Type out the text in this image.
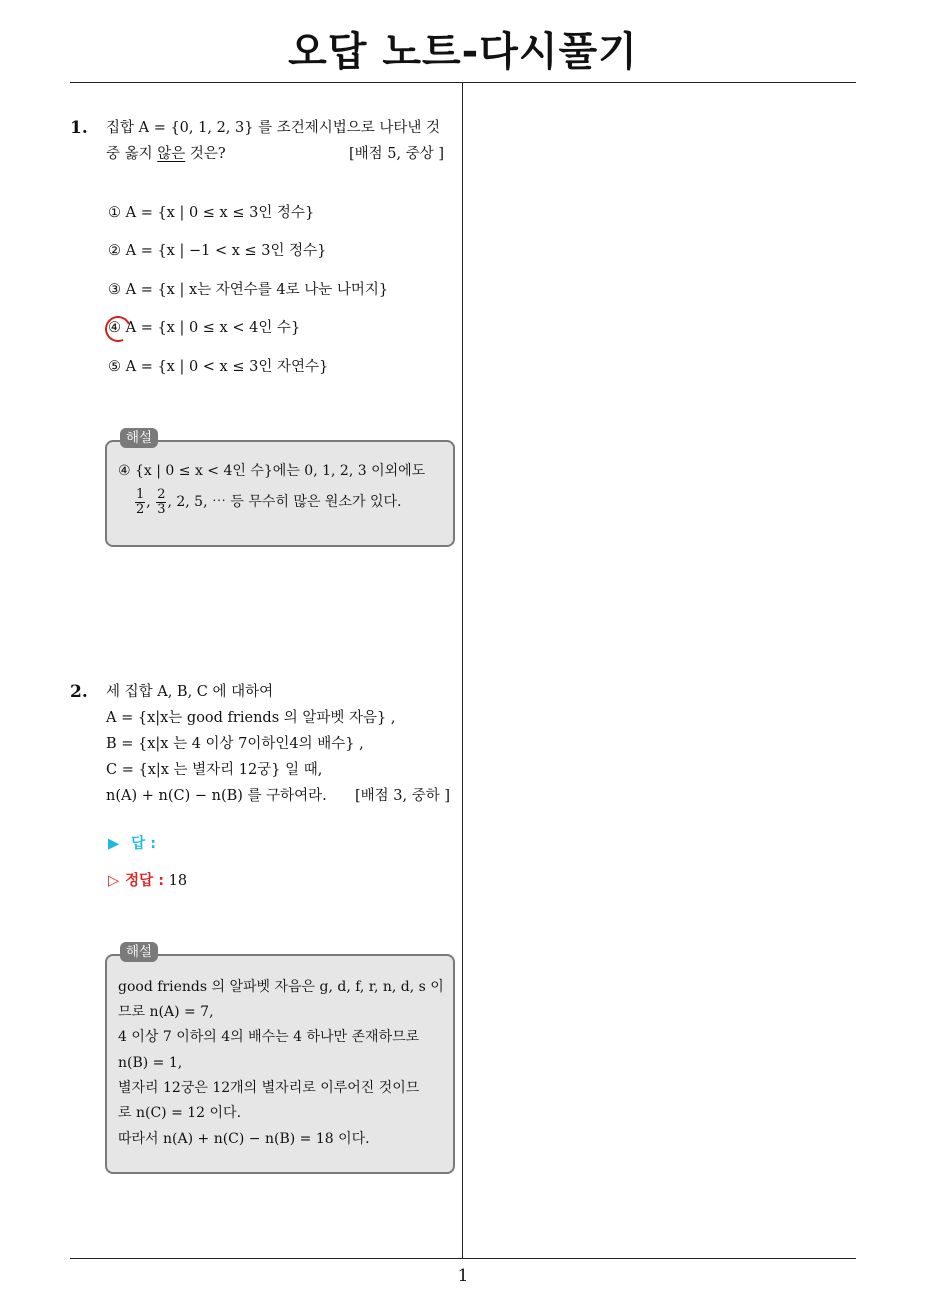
오답 노트-다시풀기
1. 집합 A = {0, 1, 2, 3} 를 조건제시법으로 나타낸 것
중 옳지 않은 것은?	[배점 5, 중상 ]
① A = {x | 0 ≤ x ≤ 3인 정수}
② A = {x | −1 < x ≤ 3인 정수}
③ A = {x | x는 자연수를 4로 나눈 나머지}
④ A = {x | 0 ≤ x < 4인 수}
⑤ A = {x | 0 < x ≤ 3인 자연수}
해설
④ {x | 0 ≤ x < 4인 수}에는 0, 1, 2, 3 이외에도
$\frac{1}{2}$ , $\frac{2}{3}$ , 2, 5, ⋯ 등 무수히 많은 원소가 있다.
2. 세 집합 A, B, C 에 대하여
A = {x|x는 good friends 의 알파벳 자음} ,
B = {x|x 는 4 이상 7이하인4의 배수} ,
C = {x|x 는 별자리 12궁} 일 때,
n(A) + n(C) − n(B) 를 구하여라. [배점 3, 중하 ]
▶ 답 :
▷ 정답 : 18
해설
good friends 의 알파벳 자음은 g, d, f, r, n, d, s 이
므로 n(A) = 7,
4 이상 7 이하의 4의 배수는 4 하나만 존재하므로
n(B) = 1,
별자리 12궁은 12개의 별자리로 이루어진 것이므
로 n(C) = 12 이다.
따라서 n(A) + n(C) − n(B) = 18 이다.
1
